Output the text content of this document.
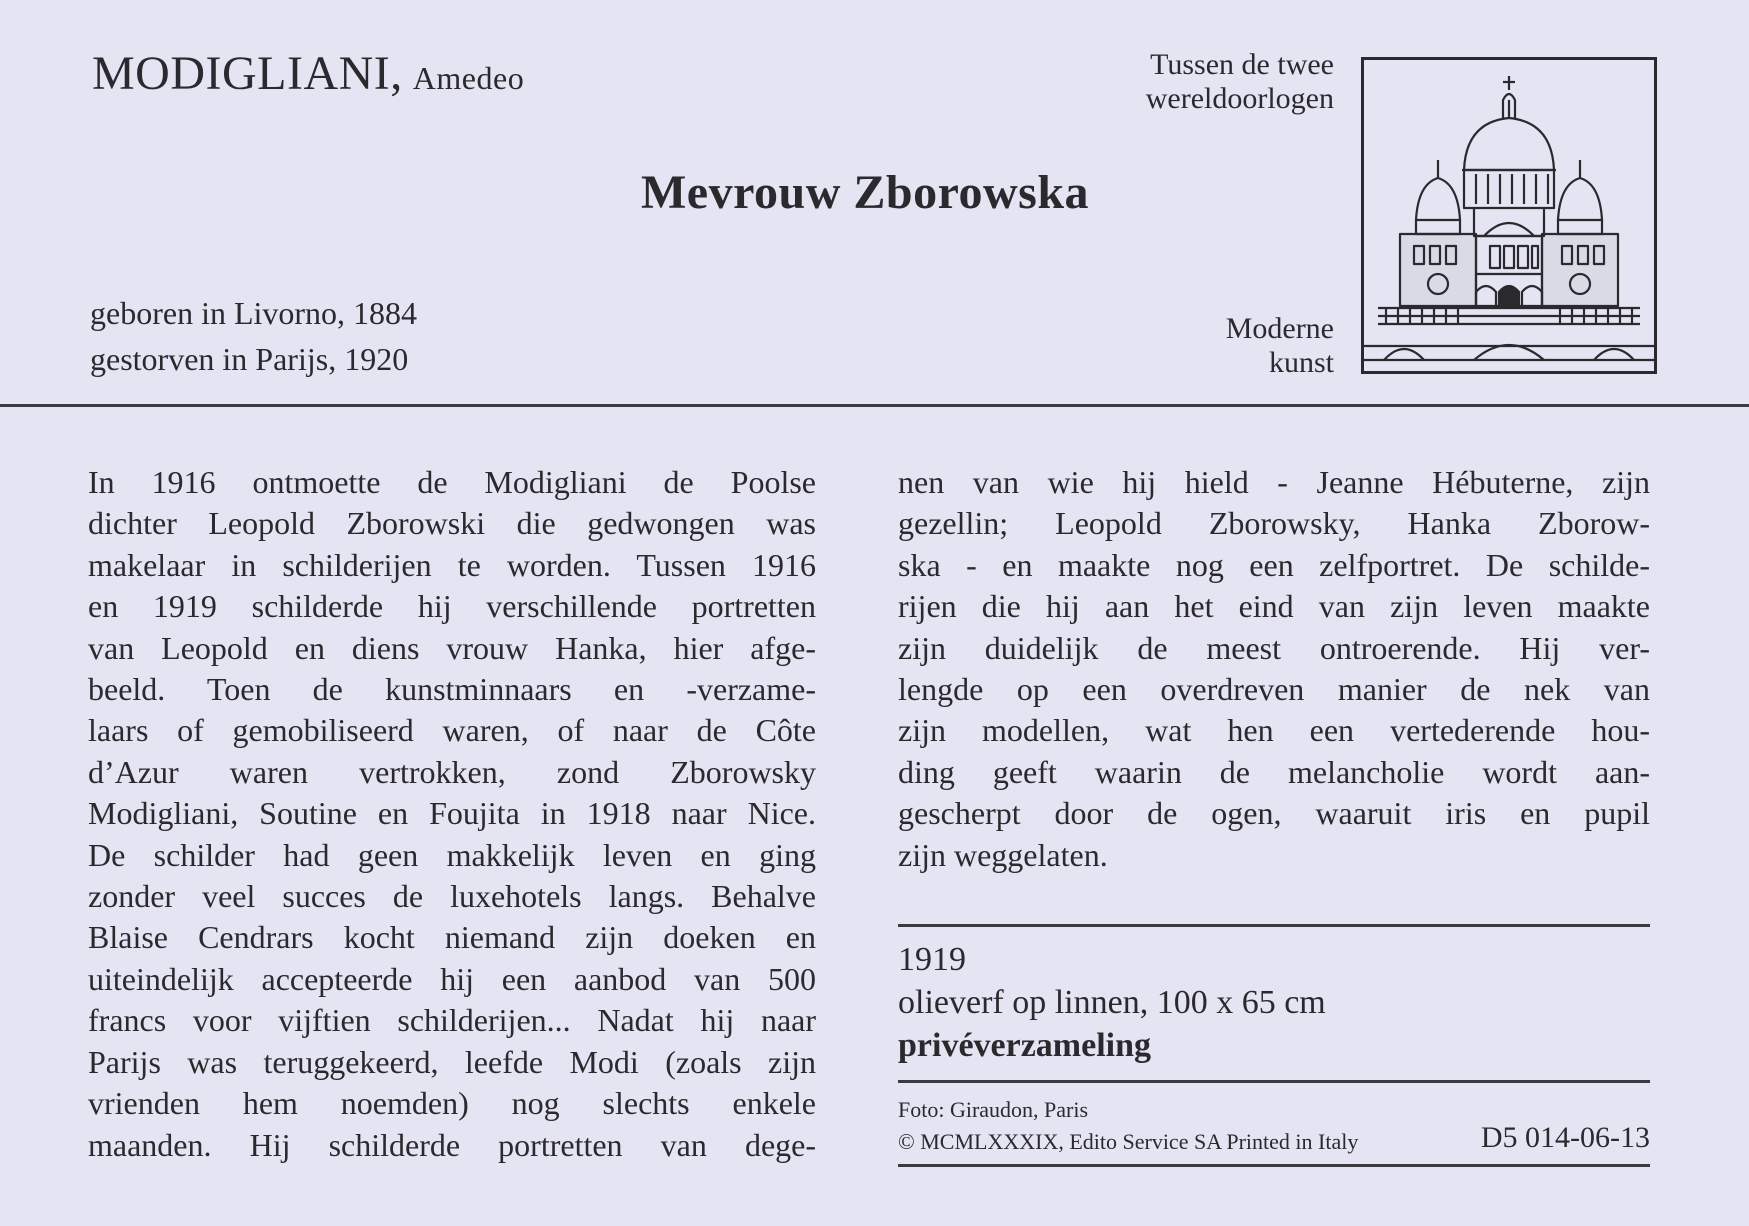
MODIGLIANI, Amedeo	Tussen de twee
wereldoorlogen
Mevrouw Zborowska
geboren in Livorno, 1884
gestorven in Parijs, 1920
Moderne
kunst
In 1916 ontmoette de Modigliani de Poolse
dichter Leopold Zborowski die gedwongen was
makelaar in schilderijen te worden. Tussen 1916
en 1919 schilderde hij verschillende portretten
van Leopold en diens vrouw Hanka, hier afge-
beeld. Toen de kunstminnaars en -verzame-
laars of gemobiliseerd waren, of naar de Côte
d’Azur waren vertrokken, zond Zborowsky
Modigliani, Soutine en Foujita in 1918 naar Nice.
De schilder had geen makkelijk leven en ging
zonder veel succes de luxehotels langs. Behalve
Blaise Cendrars kocht niemand zijn doeken en
uiteindelijk accepteerde hij een aanbod van 500
francs voor vijftien schilderijen... Nadat hij naar
Parijs was teruggekeerd, leefde Modi (zoals zijn
vrienden hem noemden) nog slechts enkele
maanden. Hij schilderde portretten van dege-
nen van wie hij hield - Jeanne Hébuterne, zijn
gezellin; Leopold Zborowsky, Hanka Zborow-
ska - en maakte nog een zelfportret. De schilde-
rijen die hij aan het eind van zijn leven maakte
zijn duidelijk de meest ontroerende. Hij ver-
lengde op een overdreven manier de nek van
zijn modellen, wat hen een vertederende hou-
ding geeft waarin de melancholie wordt aan-
gescherpt door de ogen, waaruit iris en pupil
zijn weggelaten.
1919
olieverf op linnen, 100 x 65 cm
privéverzameling
Foto: Giraudon, Paris
© MCMLXXXIX, Edito Service SA Printed in Italy	D5 014-06-13
